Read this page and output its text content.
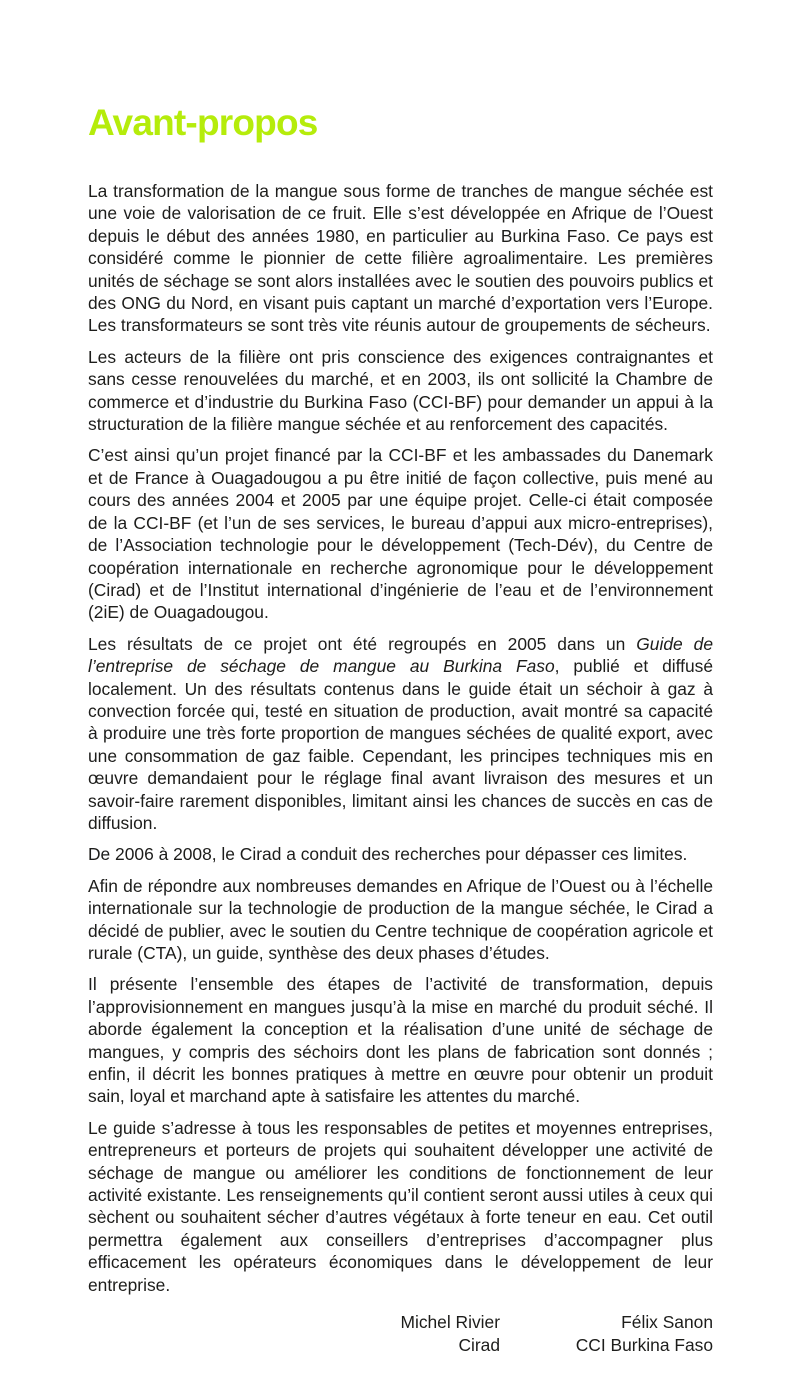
Avant-propos

La transformation de la mangue sous forme de tranches de mangue séchée est une voie de valorisation de ce fruit. Elle s’est développée en Afrique de l’Ouest depuis le début des années 1980, en particulier au Burkina Faso. Ce pays est considéré comme le pionnier de cette filière agroalimentaire. Les premières unités de séchage se sont alors installées avec le soutien des pouvoirs publics et des ONG du Nord, en visant puis captant un marché d’exportation vers l’Europe. Les transformateurs se sont très vite réunis autour de groupements de sécheurs.

Les acteurs de la filière ont pris conscience des exigences contraignantes et sans cesse renouvelées du marché, et en 2003, ils ont sollicité la Chambre de commerce et d’industrie du Burkina Faso (CCI-BF) pour demander un appui à la structuration de la filière mangue séchée et au renforcement des capacités.

C’est ainsi qu’un projet financé par la CCI-BF et les ambassades du Danemark et de France à Ouagadougou a pu être initié de façon collective, puis mené au cours des années 2004 et 2005 par une équipe projet. Celle-ci était composée de la CCI-BF (et l’un de ses services, le bureau d’appui aux micro-entreprises), de l’Association technologie pour le développement (Tech-Dév), du Centre de coopération internationale en recherche agronomique pour le développement (Cirad) et de l’Institut international d’ingénierie de l’eau et de l’environnement (2iE) de Ouagadougou.

Les résultats de ce projet ont été regroupés en 2005 dans un Guide de l’entreprise de séchage de mangue au Burkina Faso, publié et diffusé localement. Un des résultats contenus dans le guide était un séchoir à gaz à convection forcée qui, testé en situation de production, avait montré sa capacité à produire une très forte proportion de mangues séchées de qualité export, avec une consommation de gaz faible. Cependant, les principes techniques mis en œuvre demandaient pour le réglage final avant livraison des mesures et un savoir-faire rarement disponibles, limitant ainsi les chances de succès en cas de diffusion.

De 2006 à 2008, le Cirad a conduit des recherches pour dépasser ces limites.

Afin de répondre aux nombreuses demandes en Afrique de l’Ouest ou à l’échelle internationale sur la technologie de production de la mangue séchée, le Cirad a décidé de publier, avec le soutien du Centre technique de coopération agricole et rurale (CTA), un guide, synthèse des deux phases d’études.

Il présente l’ensemble des étapes de l’activité de transformation, depuis l’approvisionnement en mangues jusqu’à la mise en marché du produit séché. Il aborde également la conception et la réalisation d’une unité de séchage de mangues, y compris des séchoirs dont les plans de fabrication sont donnés ; enfin, il décrit les bonnes pratiques à mettre en œuvre pour obtenir un produit sain, loyal et marchand apte à satisfaire les attentes du marché.

Le guide s’adresse à tous les responsables de petites et moyennes entreprises, entrepreneurs et porteurs de projets qui souhaitent développer une activité de séchage de mangue ou améliorer les conditions de fonctionnement de leur activité existante. Les renseignements qu’il contient seront aussi utiles à ceux qui sèchent ou souhaitent sécher d’autres végétaux à forte teneur en eau. Cet outil permettra également aux conseillers d’entreprises d’accompagner plus efficacement les opérateurs économiques dans le développement de leur entreprise.

Michel Rivier
Cirad
Félix Sanon
CCI Burkina Faso
